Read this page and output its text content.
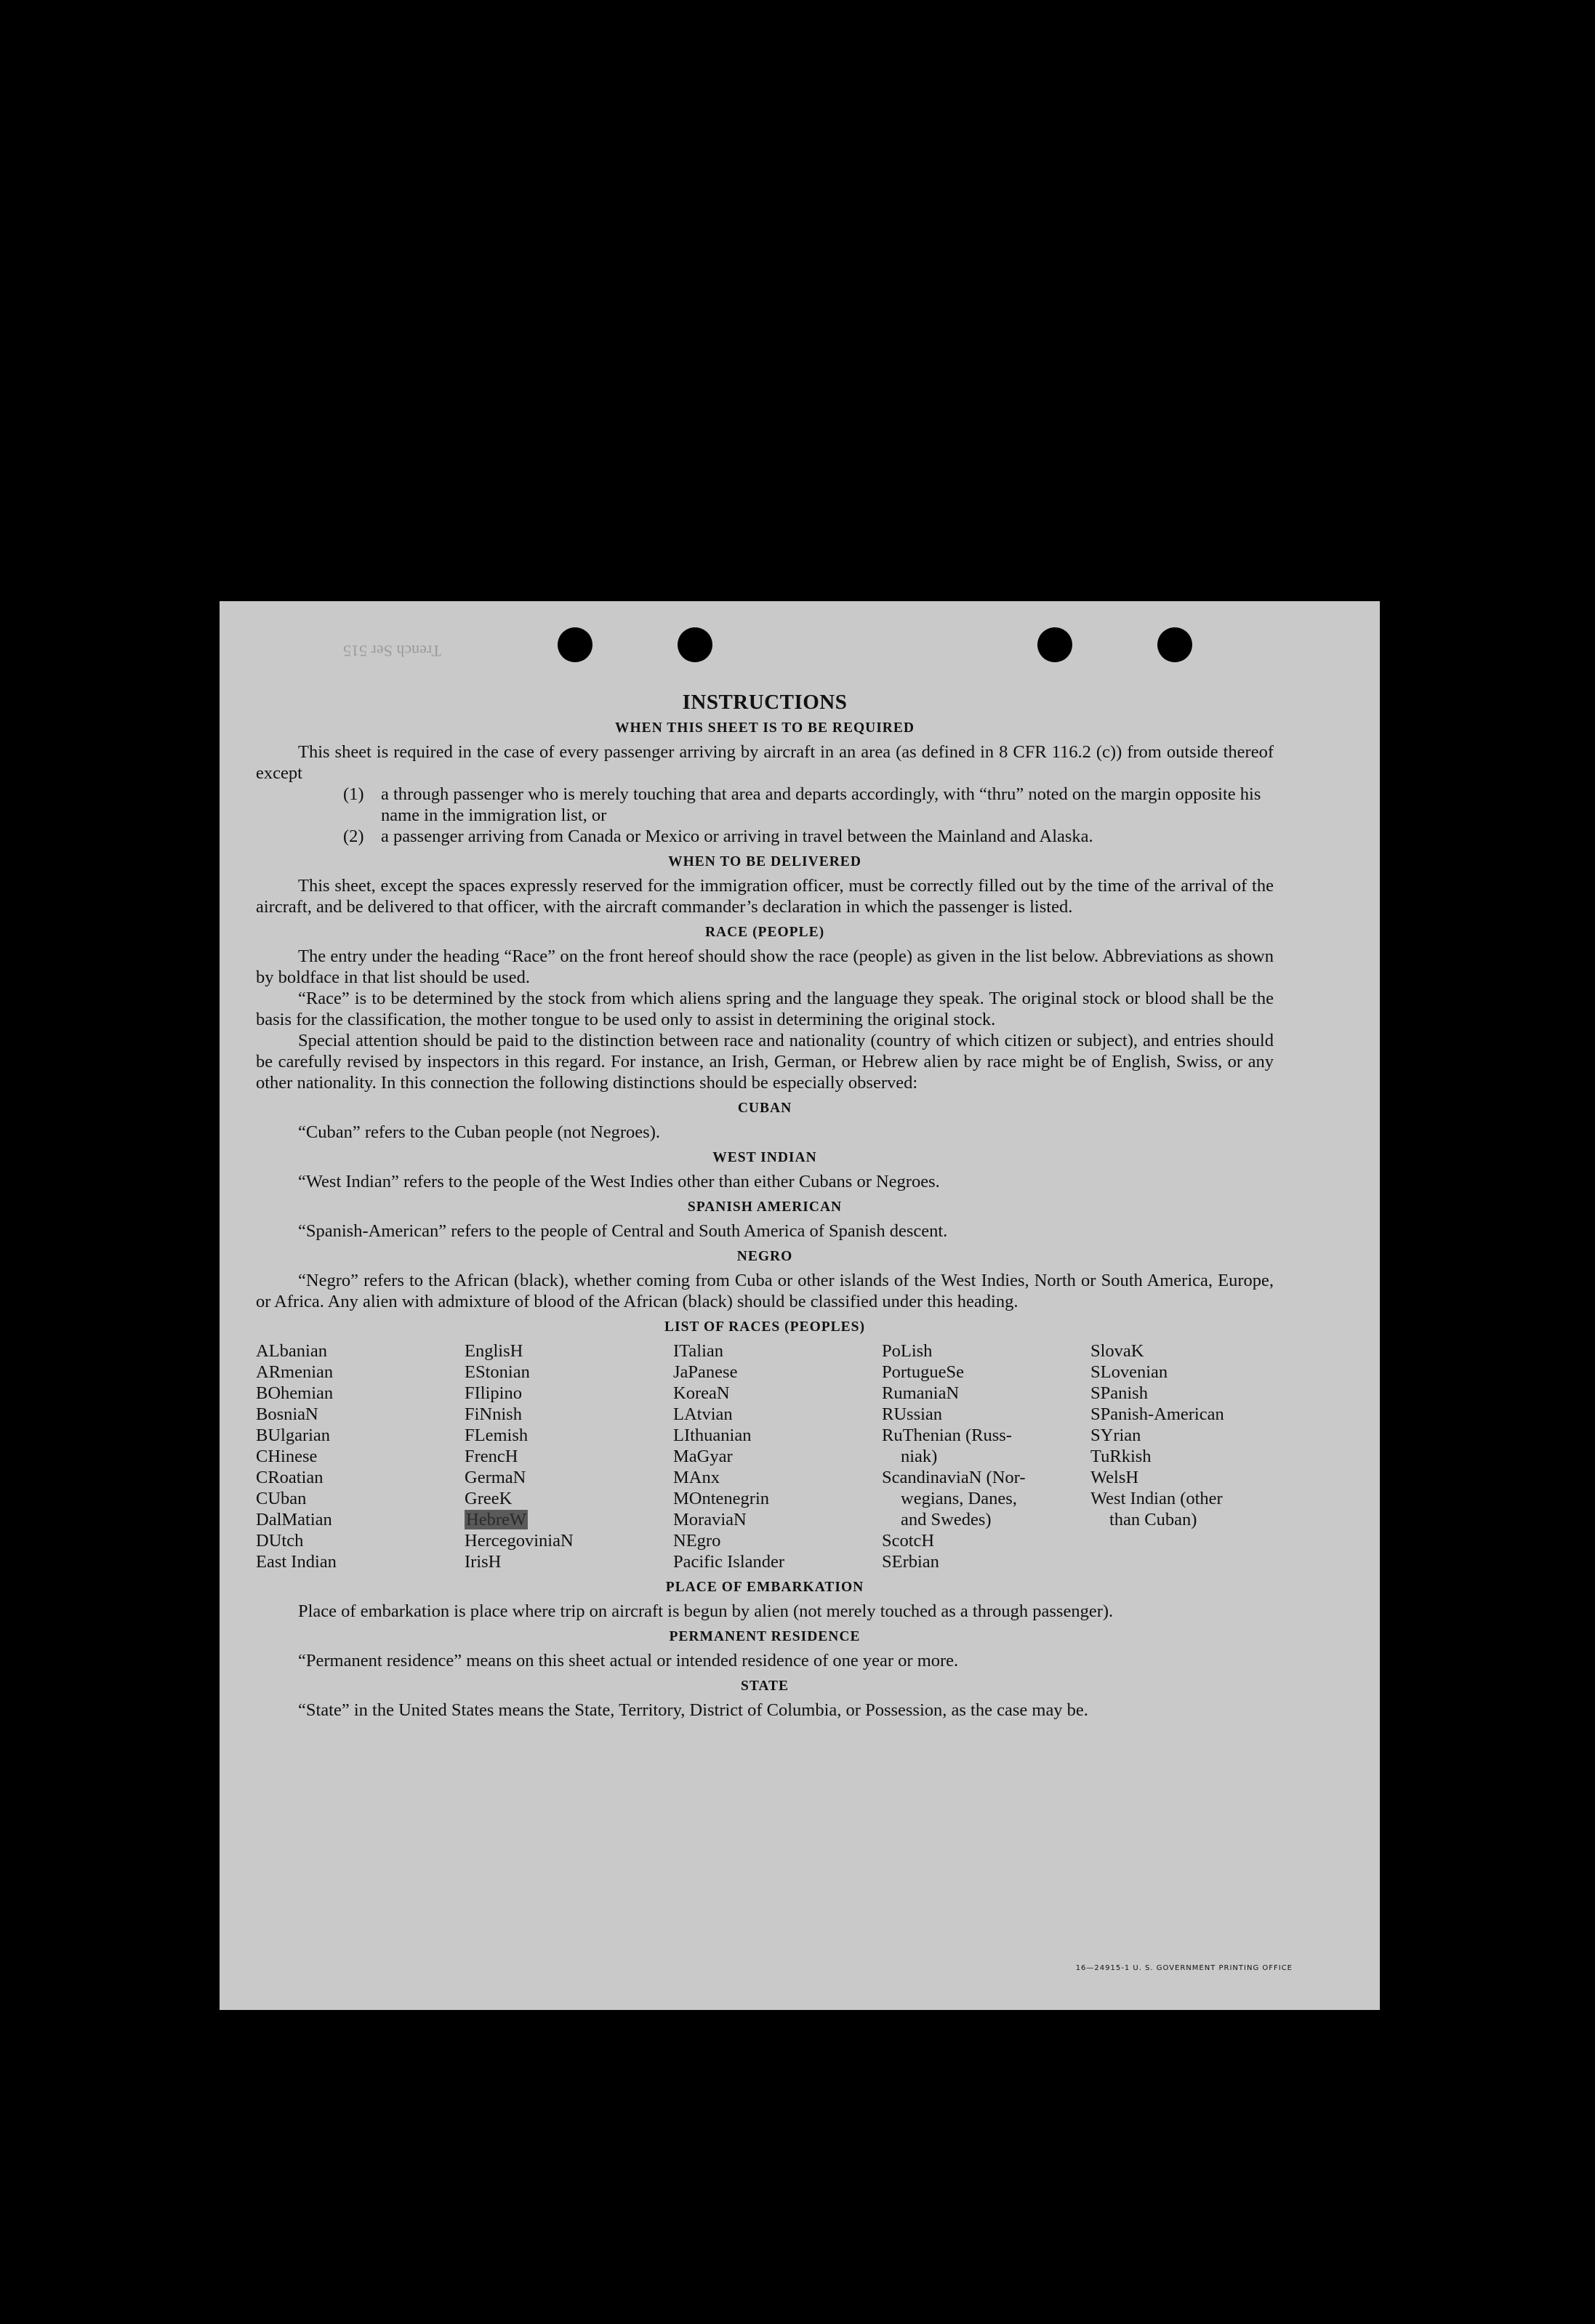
Trench Ser 515
INSTRUCTIONS
WHEN THIS SHEET IS TO BE REQUIRED

This sheet is required in the case of every passenger arriving by aircraft in an area (as defined in 8 CFR 116.2 (c)) from outside thereof except

(1) a through passenger who is merely touching that area and departs accordingly, with “thru” noted on the margin opposite his name in the immigration list, or
(2) a passenger arriving from Canada or Mexico or arriving in travel between the Mainland and Alaska.
WHEN TO BE DELIVERED

This sheet, except the spaces expressly reserved for the immigration officer, must be correctly filled out by the time of the arrival of the aircraft, and be delivered to that officer, with the aircraft commander’s declaration in which the passenger is listed.

RACE (PEOPLE)

The entry under the heading “Race” on the front hereof should show the race (people) as given in the list below. Abbreviations as shown by boldface in that list should be used.

“Race” is to be determined by the stock from which aliens spring and the language they speak. The original stock or blood shall be the basis for the classification, the mother tongue to be used only to assist in determining the original stock.

Special attention should be paid to the distinction between race and nationality (country of which citizen or subject), and entries should be carefully revised by inspectors in this regard. For instance, an Irish, German, or Hebrew alien by race might be of English, Swiss, or any other nationality. In this connection the following distinctions should be especially observed:

CUBAN

“Cuban” refers to the Cuban people (not Negroes).

WEST INDIAN

“West Indian” refers to the people of the West Indies other than either Cubans or Negroes.

SPANISH AMERICAN

“Spanish-American” refers to the people of Central and South America of Spanish descent.

NEGRO

“Negro” refers to the African (black), whether coming from Cuba or other islands of the West Indies, North or South America, Europe, or Africa. Any alien with admixture of blood of the African (black) should be classified under this heading.

LIST OF RACES (PEOPLES)
ALbanian
ARmenian
BOhemian
BosniaN
BUlgarian
CHinese
CRoatian
CUban
DalMatian
DUtch
East Indian
EnglisH
EStonian
FIlipino
FiNnish
FLemish
FrencH
GermaN
GreeK
HebreW
HercegoviniaN
IrisH
ITalian
JaPanese
KoreaN
LAtvian
LIthuanian
MaGyar
MAnx
MOntenegrin
MoraviaN
NEgro
Pacific Islander
PoLish
PortugueSe
RumaniaN
RUssian
RuThenian (Russ-
niak)
ScandinaviaN (Nor-
wegians, Danes,
and Swedes)
ScotcH
SErbian
SlovaK
SLovenian
SPanish
SPanish-American
SYrian
TuRkish
WelsH
West Indian (other
than Cuban)
PLACE OF EMBARKATION

Place of embarkation is place where trip on aircraft is begun by alien (not merely touched as a through passenger).

PERMANENT RESIDENCE

“Permanent residence” means on this sheet actual or intended residence of one year or more.

STATE

“State” in the United States means the State, Territory, District of Columbia, or Possession, as the case may be.

16—24915-1 U. S. GOVERNMENT PRINTING OFFICE
